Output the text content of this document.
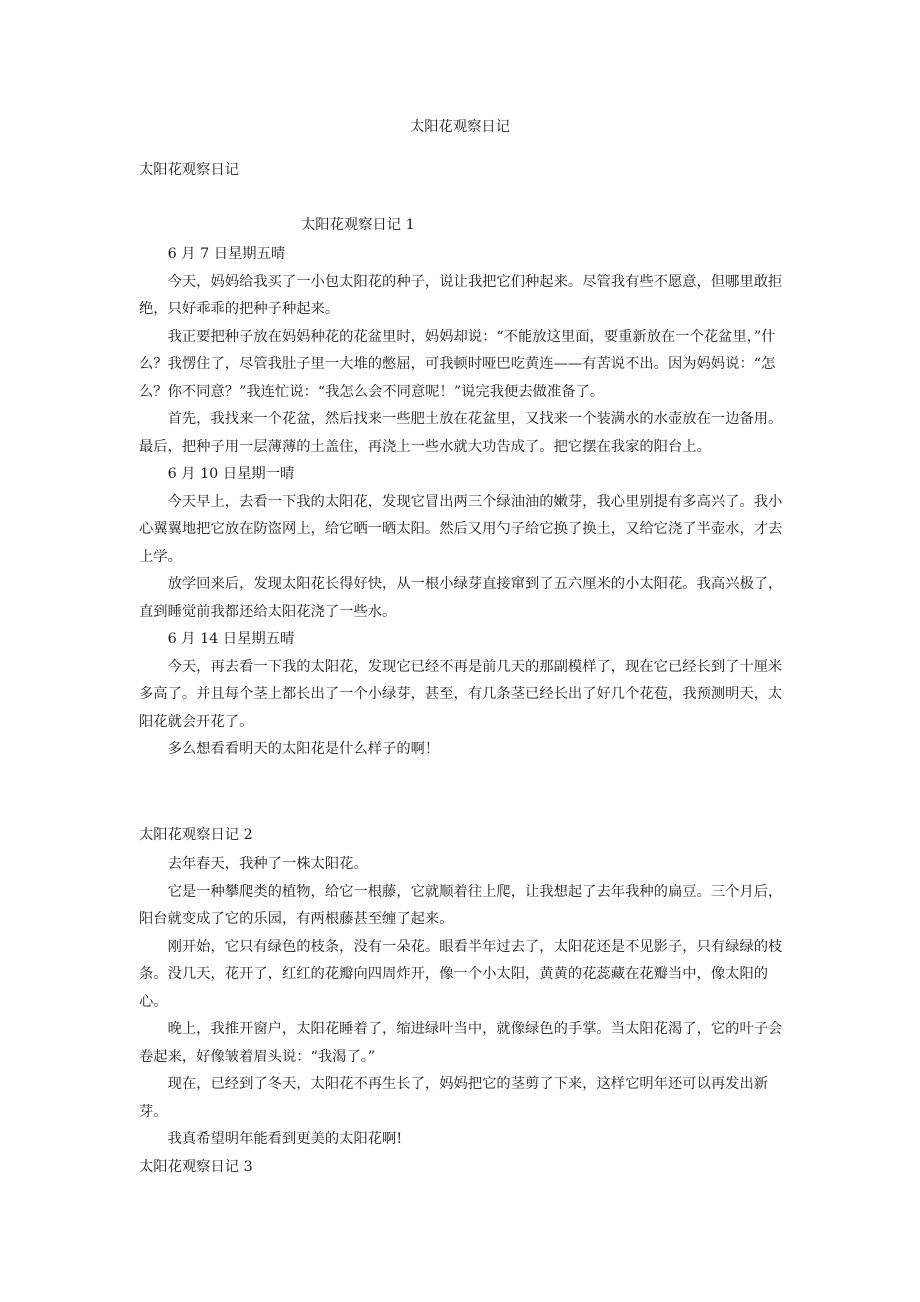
太阳花观察日记
太阳花观察日记
太阳花观察日记 1

6 月 7 日星期五晴

今天，妈妈给我买了一小包太阳花的种子，说让我把它们种起来。尽管我有些不愿意，但哪里敢拒绝，只好乖乖的把种子种起来。

我正要把种子放在妈妈种花的花盆里时，妈妈却说：“不能放这里面，要重新放在一个花盆里，”什么？我愣住了，尽管我肚子里一大堆的憋屈，可我顿时哑巴吃黄连——有苦说不出。因为妈妈说：“怎么？你不同意？”我连忙说：“我怎么会不同意呢！”说完我便去做准备了。

首先，我找来一个花盆，然后找来一些肥土放在花盆里，又找来一个装满水的水壶放在一边备用。最后，把种子用一层薄薄的土盖住，再浇上一些水就大功告成了。把它摆在我家的阳台上。

6 月 10 日星期一晴

今天早上，去看一下我的太阳花，发现它冒出两三个绿油油的嫩芽，我心里别提有多高兴了。我小心翼翼地把它放在防盗网上，给它晒一晒太阳。然后又用勺子给它换了换土，又给它浇了半壶水，才去上学。

放学回来后，发现太阳花长得好快，从一根小绿芽直接窜到了五六厘米的小太阳花。我高兴极了，直到睡觉前我都还给太阳花浇了一些水。

6 月 14 日星期五晴

今天，再去看一下我的太阳花，发现它已经不再是前几天的那副模样了，现在它已经长到了十厘米多高了。并且每个茎上都长出了一个小绿芽，甚至，有几条茎已经长出了好几个花苞，我预测明天，太阳花就会开花了。

多么想看看明天的太阳花是什么样子的啊！

太阳花观察日记 2

去年春天，我种了一株太阳花。

它是一种攀爬类的植物，给它一根藤，它就顺着往上爬，让我想起了去年我种的扁豆。三个月后，阳台就变成了它的乐园，有两根藤甚至缠了起来。

刚开始，它只有绿色的枝条，没有一朵花。眼看半年过去了，太阳花还是不见影子，只有绿绿的枝条。没几天，花开了，红红的花瓣向四周炸开，像一个小太阳，黄黄的花蕊藏在花瓣当中，像太阳的心。

晚上，我推开窗户，太阳花睡着了，缩进绿叶当中，就像绿色的手掌。当太阳花渴了，它的叶子会卷起来，好像皱着眉头说：“我渴了。”

现在，已经到了冬天，太阳花不再生长了，妈妈把它的茎剪了下来，这样它明年还可以再发出新芽。

我真希望明年能看到更美的太阳花啊!

太阳花观察日记 3
